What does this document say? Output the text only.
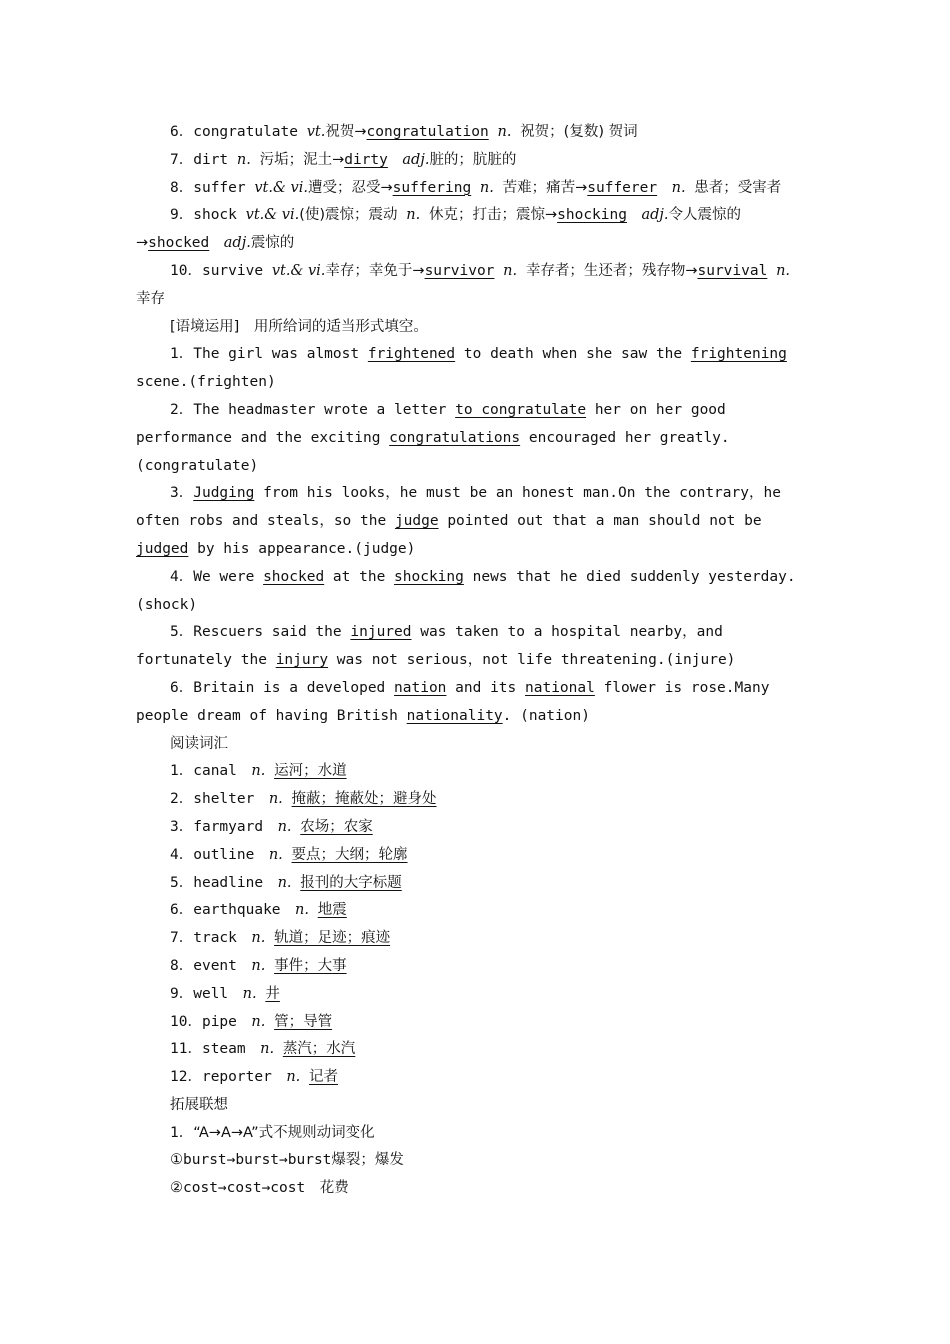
6．congratulate vt.祝贺→congratulation n. 祝贺；(复数) 贺词

7．dirt n. 污垢；泥土→dirty　 adj.脏的；肮脏的

8．suffer vt.& vi.遭受；忍受→suffering n. 苦难；痛苦→sufferer　 n. 患者；受害者

9．shock vt.& vi.(使)震惊；震动 n. 休克；打击；震惊→shocking　 adj.令人震惊的→shocked　 adj.震惊的

10．survive vt.& vi.幸存；幸免于→survivor n. 幸存者；生还者；残存物→survival n. 幸存

[语境运用]　用所给词的适当形式填空。

1．The girl was almost frightened to death when she saw the frightening scene.(frighten)

2．The headmaster wrote a letter to congratulate her on her good performance and the exciting congratulations encouraged her greatly.(congratulate)

3．Judging from his looks，he must be an honest man.On the contrary，he often robs and steals，so the judge pointed out that a man should not be judged by his appearance.(judge)

4．We were shocked at the shocking news that he died suddenly yesterday.(shock)

5．Rescuers said the injured was taken to a hospital nearby，and fortunately the injury was not serious，not life threatening.(injure)

6．Britain is a developed nation and its national flower is rose.Many people dream of having British nationality. (nation)

阅读词汇

1．canal　 n. 运河；水道

2．shelter　 n. 掩蔽；掩蔽处；避身处

3．farmyard　 n. 农场；农家

4．outline　 n. 要点；大纲；轮廓

5．headline　 n. 报刊的大字标题

6．earthquake　 n. 地震

7．track　 n. 轨道；足迹；痕迹

8．event　 n. 事件；大事

9．well　 n. 井

10．pipe　 n. 管；导管

11．steam　 n. 蒸汽；水汽

12．reporter　 n. 记者

拓展联想

1．“A→A→A”式不规则动词变化

①burst→burst→burst爆裂；爆发

②cost→cost→cost　花费
